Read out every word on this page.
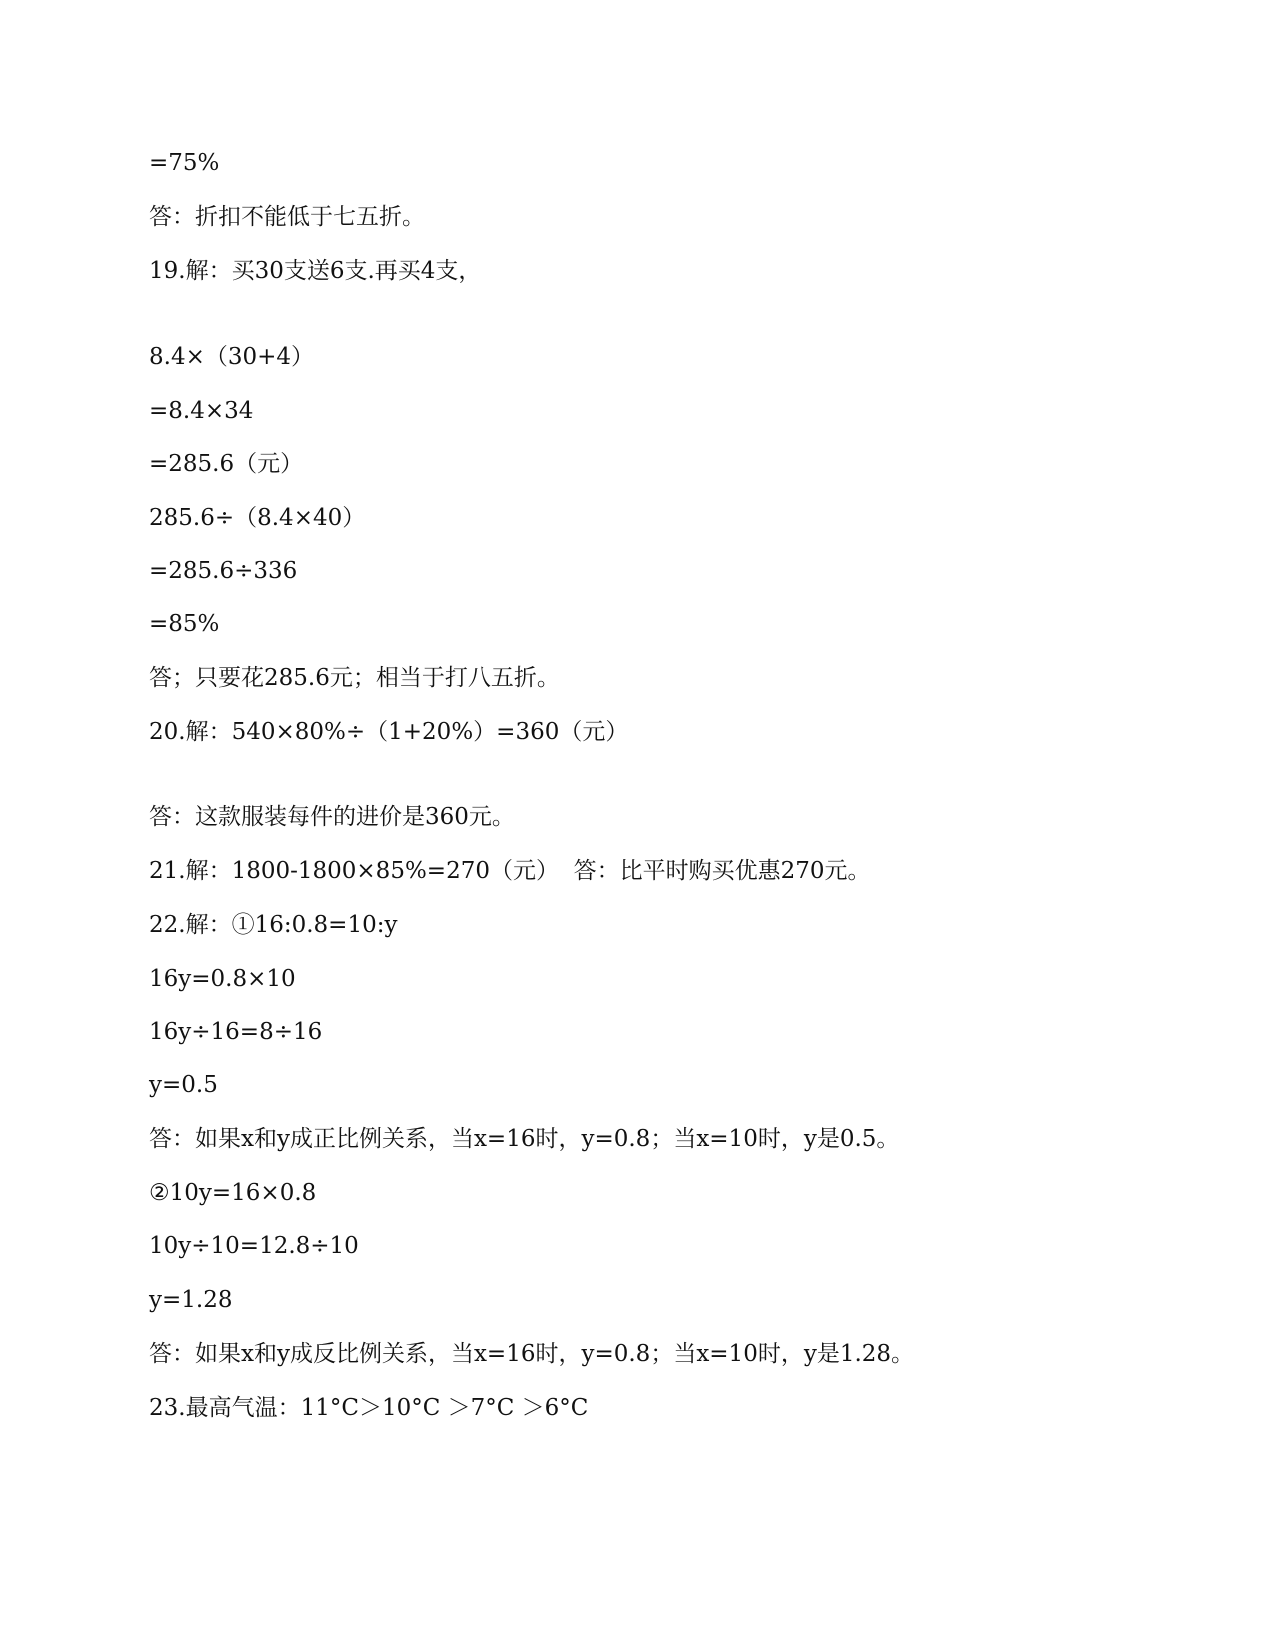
=75%
答：折扣不能低于七五折。
19.解：买30支送6支.再买4支，
8.4×（30+4）
=8.4×34
=285.6（元）
285.6÷（8.4×40）
=285.6÷336
=85%
答；只要花285.6元；相当于打八五折。
20.解：540×80%÷（1+20%）=360（元）
答：这款服装每件的进价是360元。
21.解：1800-1800×85%=270（元）  答：比平时购买优惠270元。
22.解：①16:0.8=10:y
16y=0.8×10
16y÷16=8÷16
y=0.5
答：如果x和y成正比例关系，当x=16时，y=0.8；当x=10时，y是0.5。
②10y=16×0.8
10y÷10=12.8÷10
y=1.28
答：如果x和y成反比例关系，当x=16时，y=0.8；当x=10时，y是1.28。
23.最高气温：11°C＞10°C ＞7°C ＞6°C
